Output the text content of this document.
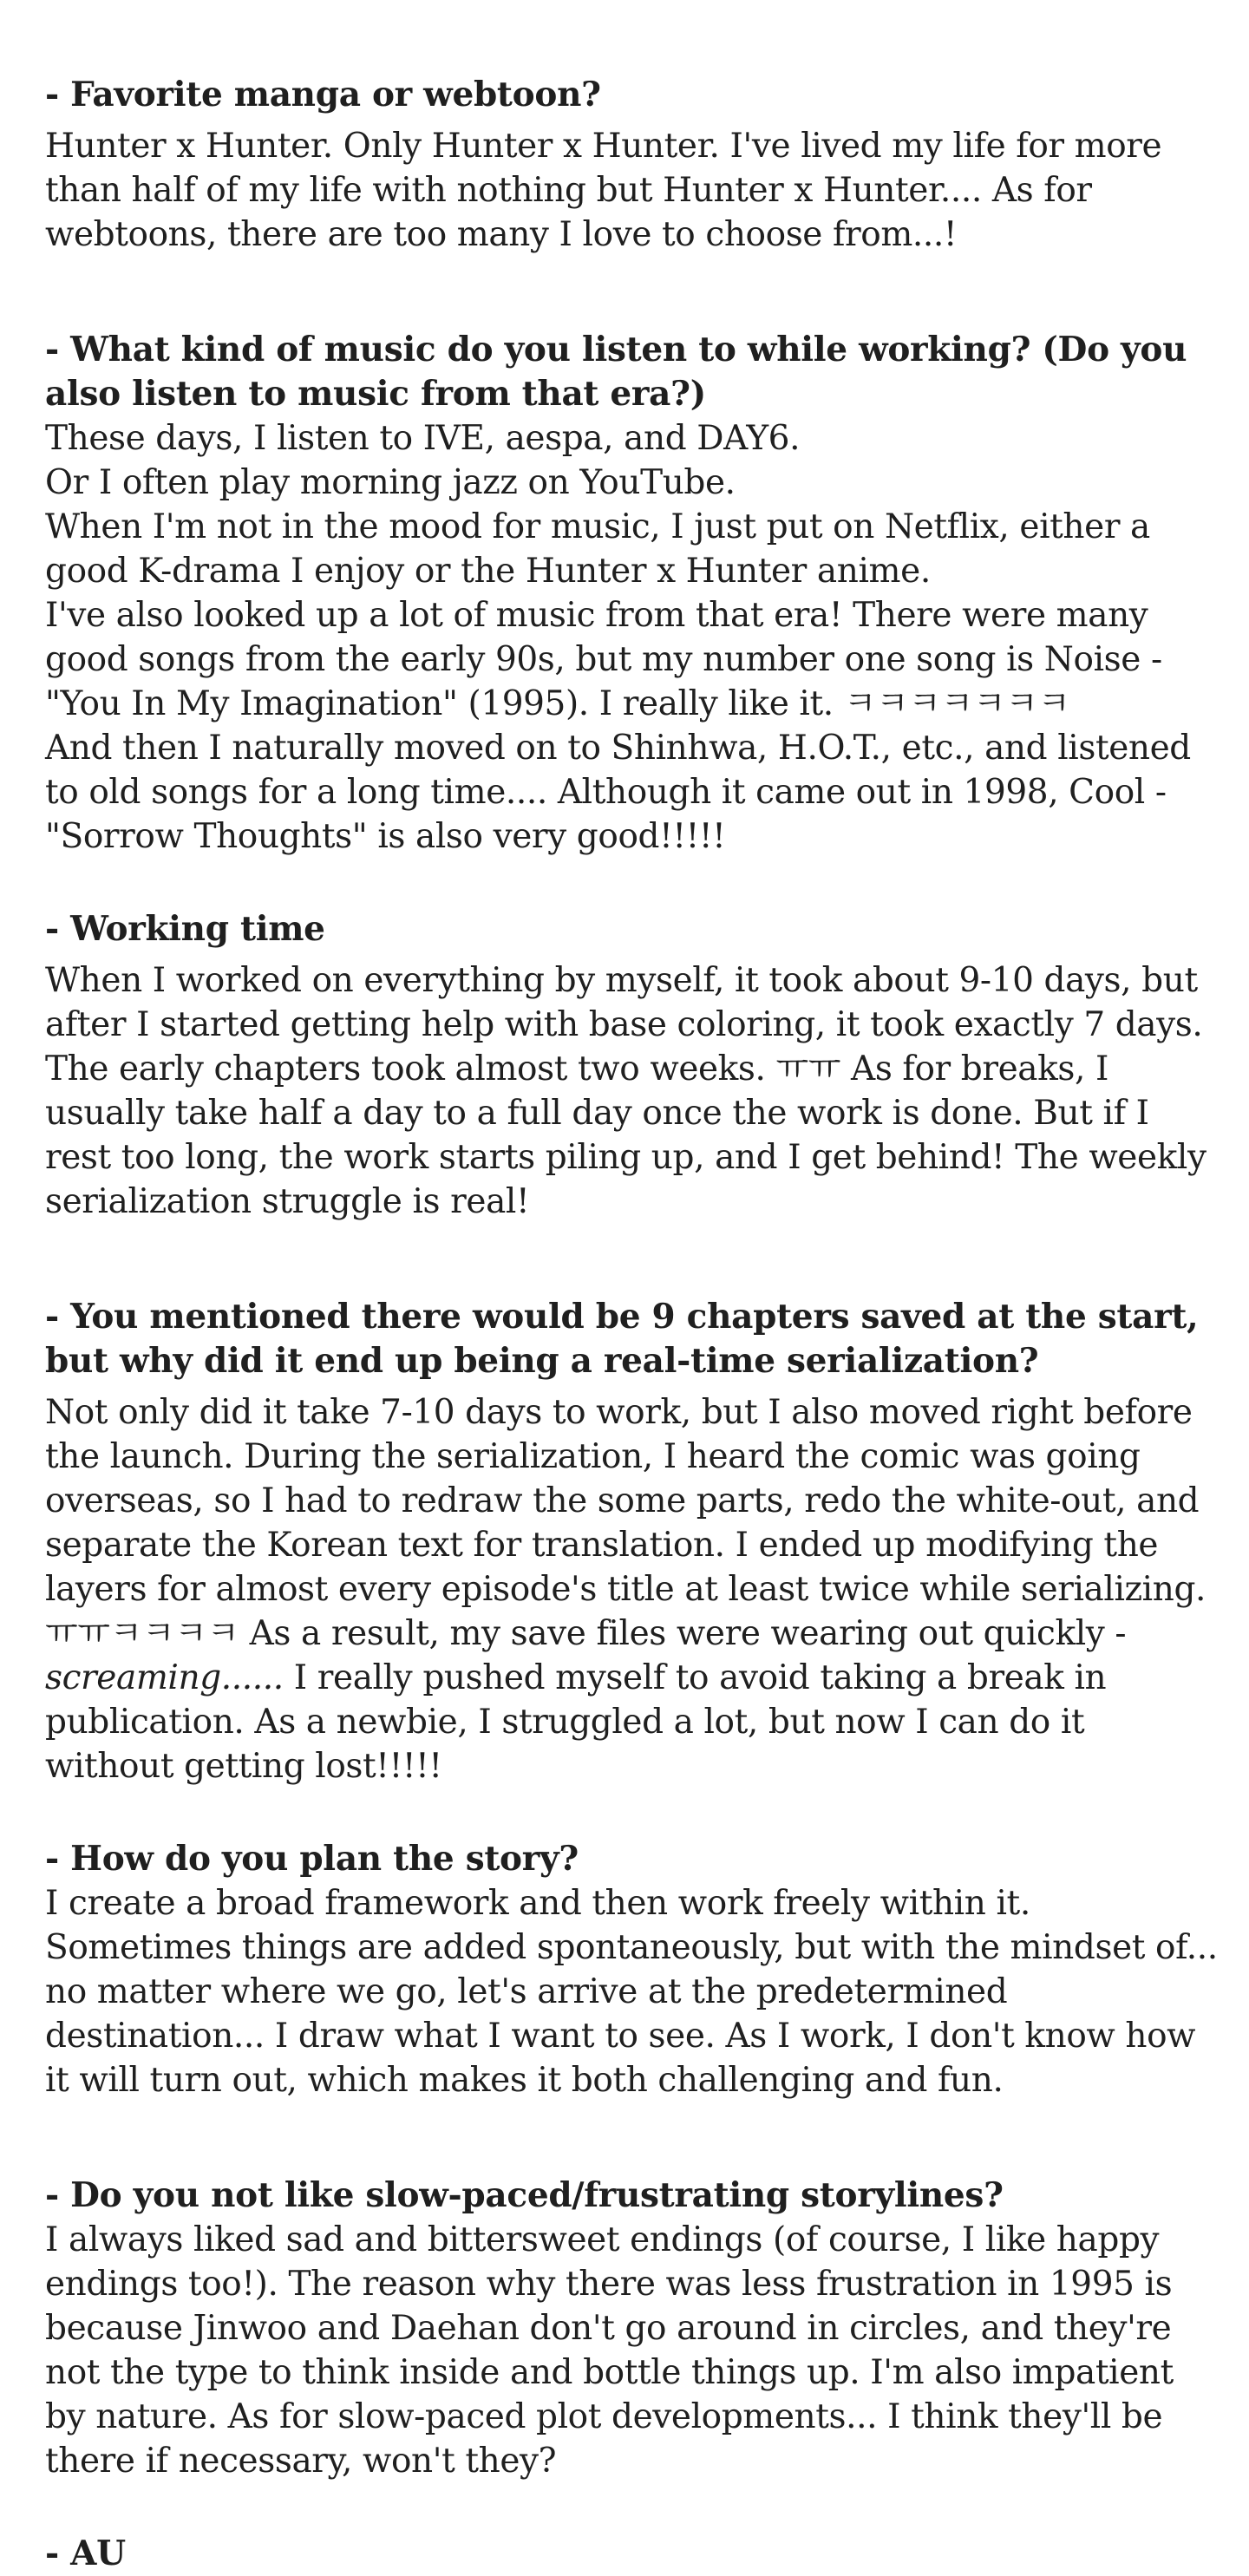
- Favorite manga or webtoon?

Hunter x Hunter. Only Hunter x Hunter. I've lived my life for more than half of my life with nothing but Hunter x Hunter.... As for webtoons, there are too many I love to choose from...!

- What kind of music do you listen to while working? (Do you also listen to music from that era?)

These days, I listen to IVE, aespa, and DAY6.

Or I often play morning jazz on YouTube.

When I'm not in the mood for music, I just put on Netflix, either a good K-drama I enjoy or the Hunter x Hunter anime.

I've also looked up a lot of music from that era! There were many good songs from the early 90s, but my number one song is Noise - "You In My Imagination" (1995). I really like it. ㅋㅋㅋㅋㅋㅋㅋ

And then I naturally moved on to Shinhwa, H.O.T., etc., and listened to old songs for a long time.... Although it came out in 1998, Cool - "Sorrow Thoughts" is also very good!!!!!

- Working time

When I worked on everything by myself, it took about 9-10 days, but after I started getting help with base coloring, it took exactly 7 days. The early chapters took almost two weeks. ㅠㅠ As for breaks, I usually take half a day to a full day once the work is done. But if I rest too long, the work starts piling up, and I get behind! The weekly serialization struggle is real!

- You mentioned there would be 9 chapters saved at the start, but why did it end up being a real-time serialization?

Not only did it take 7-10 days to work, but I also moved right before the launch. During the serialization, I heard the comic was going overseas, so I had to redraw the some parts, redo the white-out, and separate the Korean text for translation. I ended up modifying the layers for almost every episode's title at least twice while serializing. ㅠㅠㅋㅋㅋㅋ As a result, my save files were wearing out quickly - screaming...... I really pushed myself to avoid taking a break in publication. As a newbie, I struggled a lot, but now I can do it without getting lost!!!!!

- How do you plan the story?

I create a broad framework and then work freely within it. Sometimes things are added spontaneously, but with the mindset of... no matter where we go, let's arrive at the predetermined destination... I draw what I want to see. As I work, I don't know how it will turn out, which makes it both challenging and fun.

- Do you not like slow-paced/frustrating storylines?

I always liked sad and bittersweet endings (of course, I like happy endings too!). The reason why there was less frustration in 1995 is because Jinwoo and Daehan don't go around in circles, and they're not the type to think inside and bottle things up. I'm also impatient by nature. As for slow-paced plot developments... I think they'll be there if necessary, won't they?

- AU
